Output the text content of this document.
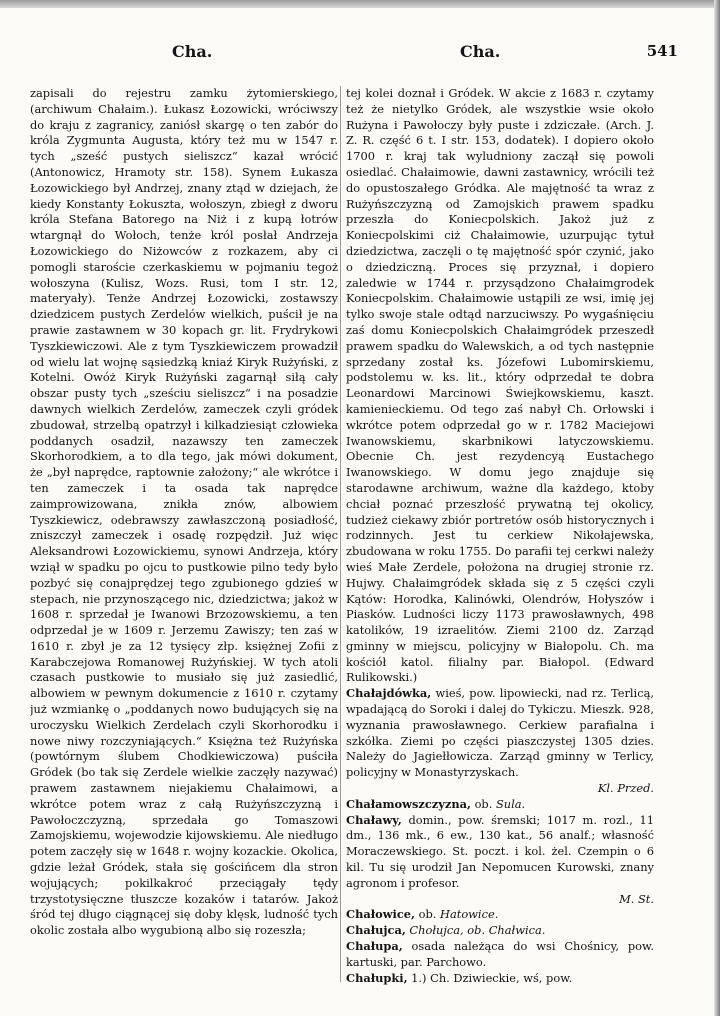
Cha.	Cha.	541

zapisali do rejestru zamku żytomierskiego, (archiwum Chałaim.). Łukasz Łozowicki, wróciwszy do kraju z zagranicy, zaniósł skargę o ten zabór do króla Zygmunta Augusta, który też mu w 1547 r. tych „sześć pustych sieliszcz“ kazał wrócić (Antonowicz, Hramoty str. 158). Synem Łukasza Łozowickiego był Andrzej, znany ztąd w dziejach, że kiedy Konstanty Łokuszta, wołoszyn, zbiegł z dworu króla Stefana Batorego na Niż i z kupą łotrów wtargnął do Wołoch, tenże król posłał Andrzeja Łozowickiego do Niżowców z rozkazem, aby ci pomogli staroście czerkaskiemu w pojmaniu tegoż wołoszyna (Kulisz, Wozs. Rusi, tom I str. 12, materyały). Tenże Andrzej Łozowicki, zostawszy dziedzicem pustych Zerdelów wielkich, puścił je na prawie zastawnem w 30 kopach gr. lit. Frydrykowi Tyszkiewiczowi. Ale z tym Tyszkiewiczem prowadził od wielu lat wojnę sąsiedzką kniaź Kiryk Rużyński, z Kotelni. Owóż Kiryk Rużyński zagarnął siłą cały obszar pusty tych „sześciu sieliszcz“ i na posadzie dawnych wielkich Zerdelów, zameczek czyli gródek zbudował, strzelbą opatrzył i kilkadziesiąt człowieka poddanych osadził, nazawszy ten zameczek Skorhorodkiem, a to dla tego, jak mówi dokument, że „był naprędce, raptownie założony;“ ale wkrótce i ten zameczek i ta osada tak naprędce zaimprowizowana, znikła znów, albowiem Tyszkiewicz, odebrawszy zawłaszczoną posiadłość, zniszczył zameczek i osadę rozpędził. Już więc Aleksandrowi Łozowickiemu, synowi Andrzeja, który wziął w spadku po ojcu to pustkowie pilno tedy było pozbyć się conajprędzej tego zgubionego gdzieś w stepach, nie przynoszącego nic, dziedzictwa; jakoż w 1608 r. sprzedał je Iwanowi Brzozowskiemu, a ten odprzedał je w 1609 r. Jerzemu Zawiszy; ten zaś w 1610 r. zbył je za 12 tysięcy złp. księżnej Zofii z Karabczejowa Romanowej Rużyńskiej. W tych atoli czasach pustkowie to musiało się już zasiedlić, albowiem w pewnym dokumencie z 1610 r. czytamy już wzmiankę o „poddanych nowo budujących się na uroczysku Wielkich Zerdelach czyli Skorhorodku i nowe niwy rozczyniających.“ Księżna też Rużyńska (powtórnym ślubem Chodkiewiczowa) puściła Gródek (bo tak się Zerdele wielkie zaczęły nazywać) prawem zastawnem niejakiemu Chałaimowi, a wkrótce potem wraz z całą Rużyńszczyzną i Pawołoczczyzną, sprzedała go Tomaszowi Zamojskiemu, wojewodzie kijowskiemu. Ale niedługo potem zaczęły się w 1648 r. wojny kozackie. Okolica, gdzie leżał Gródek, stała się gościńcem dla stron wojujących; pokilkakroć przeciągały tędy trzystotysięczne tłuszcze kozaków i tatarów. Jakoż śród tej długo ciągnącej się doby klęsk, ludność tych okolic została albo wygubioną albo się rozeszła;

tej kolei doznał i Gródek. W akcie z 1683 r. czytamy też że nietylko Gródek, ale wszystkie wsie około Rużyna i Pawołoczy były puste i zdziczałe. (Arch. J. Z. R. część 6 t. I str. 153, dodatek). I dopiero około 1700 r. kraj tak wyludniony zaczął się powoli osiedlać. Chałaimowie, dawni zastawnicy, wrócili też do opustoszałego Gródka. Ale majętność ta wraz z Rużyńszczyzną od Zamojskich prawem spadku przeszła do Koniecpolskich. Jakoż już z Koniecpolskimi ciż Chałaimowie, uzurpując tytuł dziedzictwa, zaczęli o tę majętność spór czynić, jako o dziedziczną. Proces się przyznał, i dopiero zaledwie w 1744 r. przysądzono Chałaimgrodek Koniecpolskim. Chałaimowie ustąpili ze wsi, imię jej tylko swoje stale odtąd narzuciwszy. Po wygaśnięciu zaś domu Koniecpolskich Chałaimgródek przeszedł prawem spadku do Walewskich, a od tych następnie sprzedany został ks. Józefowi Lubomirskiemu, podstolemu w. ks. lit., który odprzedał te dobra Leonardowi Marcinowi Świejkowskiemu, kaszt. kamienieckiemu. Od tego zaś nabył Ch. Orłowski i wkrótce potem odprzedał go w r. 1782 Maciejowi Iwanowskiemu, skarbnikowi latyczowskiemu. Obecnie Ch. jest rezydencyą Eustachego Iwanowskiego. W domu jego znajduje się starodawne archiwum, ważne dla każdego, ktoby chciał poznać przeszłość prywatną tej okolicy, tudzież ciekawy zbiór portretów osób historycznych i rodzinnych. Jest tu cerkiew Nikołajewska, zbudowana w roku 1755. Do parafii tej cerkwi należy wieś Małe Zerdele, położona na drugiej stronie rz. Hujwy. Chałaimgródek składa się z 5 części czyli Kątów: Horodka, Kalinówki, Olendrów, Hołyszów i Piasków. Ludności liczy 1173 prawosławnych, 498 katolików, 19 izraelitów. Ziemi 2100 dz. Zarząd gminny w miejscu, policyjny w Białopolu. Ch. ma kościół katol. filialny par. Białopol. (Edward Rulikowski.)

Chałajdówka, wieś, pow. lipowiecki, nad rz. Terlicą, wpadającą do Soroki i dalej do Tykiczu. Mieszk. 928, wyznania prawosławnego. Cerkiew parafialna i szkółka. Ziemi po części piaszczystej 1305 dzies. Należy do Jagiełłowicza. Zarząd gminny w Terlicy, policyjny w Monastyrzyskach.
Kl. Przed.

Chałamowszczyzna, ob. Sula.

Chaławy, domin., pow. śremski; 1017 m. rozl., 11 dm., 136 mk., 6 ew., 130 kat., 56 analf.; własność Moraczewskiego. St. poczt. i kol. żel. Czempin o 6 kil. Tu się urodził Jan Nepomucen Kurowski, znany agronom i profesor.
M. St.

Chałowice, ob. Hatowice.

Chałujca, Chołujca, ob. Chałwica.

Chałupa, osada należąca do wsi Chośnicy, pow. kartuski, par. Parchowo.

Chałupki, 1.) Ch. Dziwieckie, wś, pow.
